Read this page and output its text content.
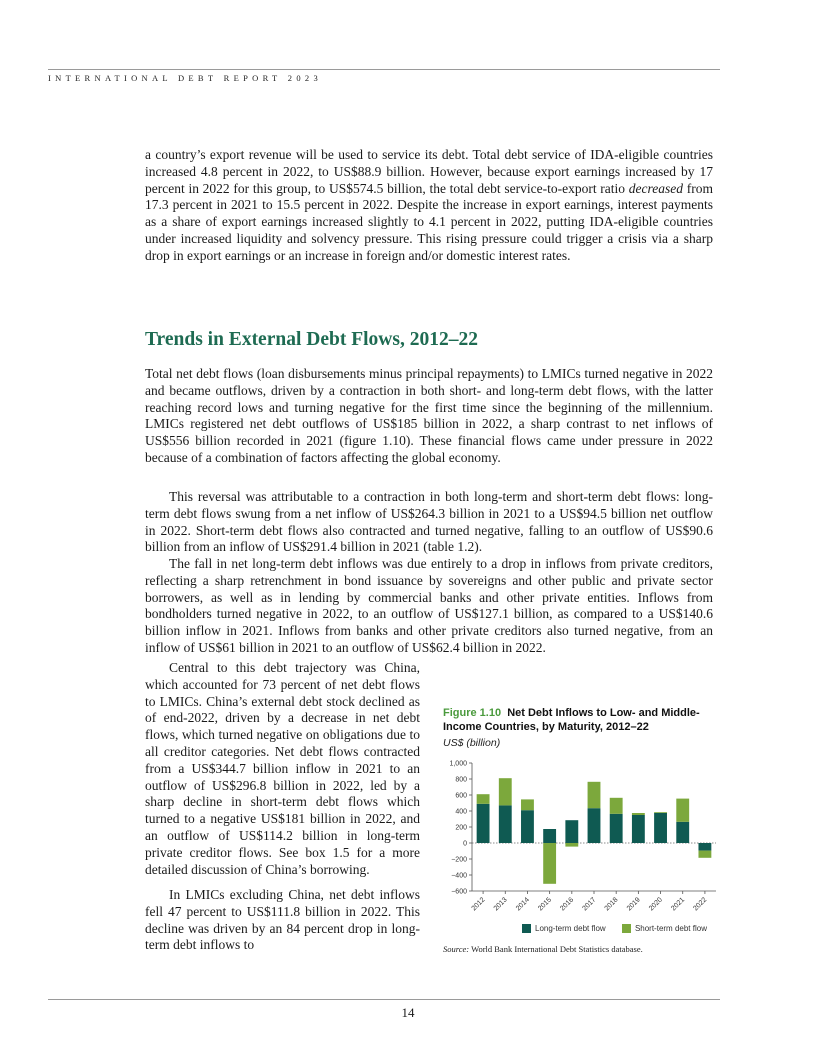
INTERNATIONAL DEBT REPORT 2023

a country’s export revenue will be used to service its debt. Total debt service of IDA-eligible countries increased 4.8 percent in 2022, to US$88.9 billion. However, because export earnings increased by 17 percent in 2022 for this group, to US$574.5 billion, the total debt service-to-export ratio decreased from 17.3 percent in 2021 to 15.5 percent in 2022. Despite the increase in export earnings, interest payments as a share of export earnings increased slightly to 4.1 percent in 2022, putting IDA-eligible countries under increased liquidity and solvency pressure. This rising pressure could trigger a crisis via a sharp drop in export earnings or an increase in foreign and/or domestic interest rates.

Trends in External Debt Flows, 2012–22

Total net debt flows (loan disbursements minus principal repayments) to LMICs turned negative in 2022 and became outflows, driven by a contraction in both short- and long-term debt flows, with the latter reaching record lows and turning negative for the first time since the beginning of the millennium. LMICs registered net debt outflows of US$185 billion in 2022, a sharp contrast to net inflows of US$556 billion recorded in 2021 (figure 1.10). These financial flows came under pressure in 2022 because of a combination of factors affecting the global economy.

This reversal was attributable to a contraction in both long-term and short-term debt flows: long-term debt flows swung from a net inflow of US$264.3 billion in 2021 to a US$94.5 billion net outflow in 2022. Short-term debt flows also contracted and turned negative, falling to an outflow of US$90.6 billion from an inflow of US$291.4 billion in 2021 (table 1.2).

The fall in net long-term debt inflows was due entirely to a drop in inflows from private creditors, reflecting a sharp retrenchment in bond issuance by sovereigns and other public and private sector borrowers, as well as in lending by commercial banks and other private entities. Inflows from bondholders turned negative in 2022, to an outflow of US$127.1 billion, as compared to a US$140.6 billion inflow in 2021. Inflows from banks and other private creditors also turned negative, from an inflow of US$61 billion in 2021 to an outflow of US$62.4 billion in 2022.

Central to this debt trajectory was China, which accounted for 73 percent of net debt flows to LMICs. China’s external debt stock declined as of end-2022, driven by a decrease in net debt flows, which turned negative on obligations due to all creditor categories. Net debt flows contracted from a US$344.7 billion inflow in 2021 to an outflow of US$296.8 billion in 2022, led by a sharp decline in short-term debt flows which turned to a negative US$181 billion in 2022, and an outflow of US$114.2 billion in long-term private creditor flows. See box 1.5 for a more detailed discussion of China’s borrowing.

In LMICs excluding China, net debt inflows fell 47 percent to US$111.8 billion in 2022. This decline was driven by an 84 percent drop in long-term debt inflows to

Figure 1.10 Net Debt Inflows to Low- and Middle-Income Countries, by Maturity, 2012–22

US$ (billion)
1,000
800
600
400
200
0
−200
−400
−600
2012 2013 2014 2015 2016 2017 2018 2019 2020 2021 2022
Long-term debt flow
	Short-term debt flow
Source: World Bank International Debt Statistics database.
14
